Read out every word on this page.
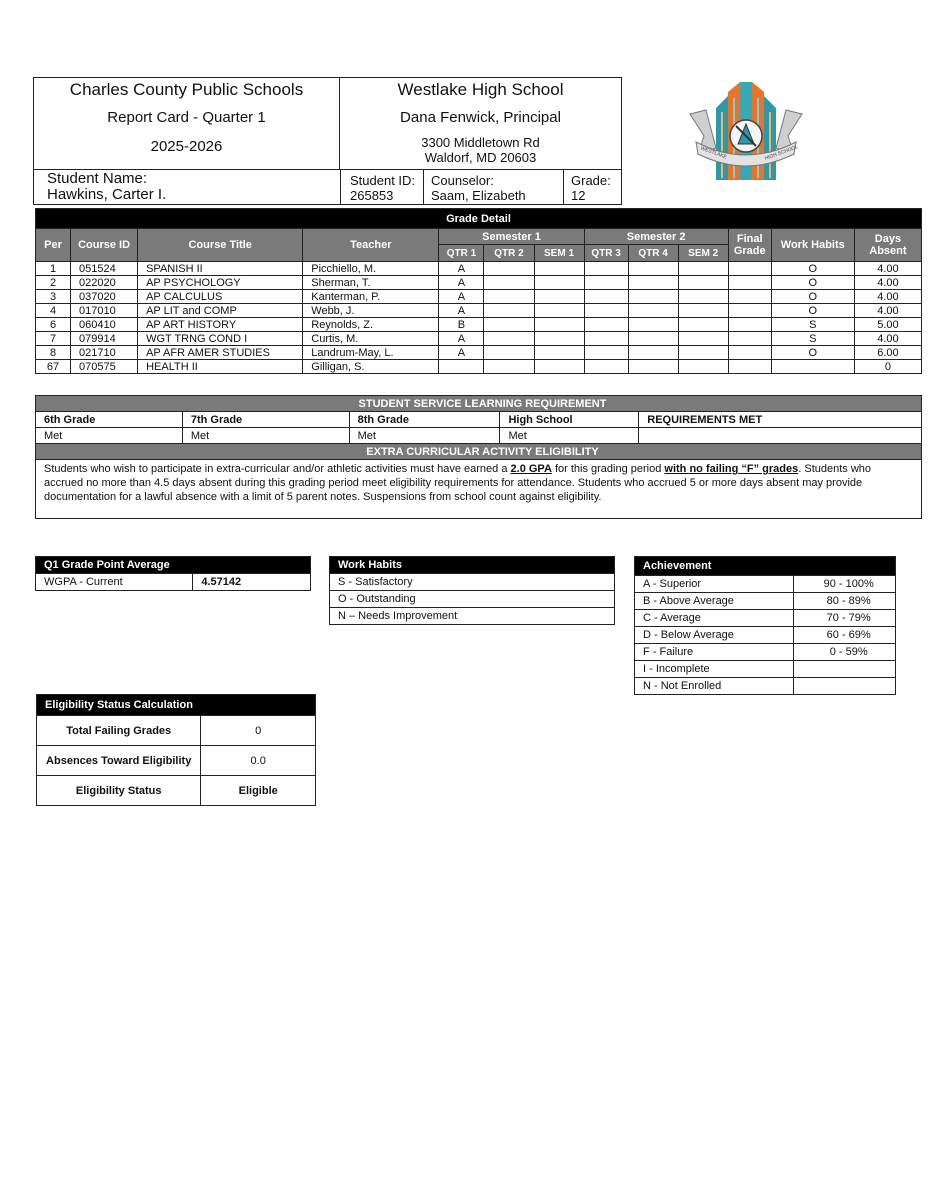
Charles County Public Schools
Report Card - Quarter 1
2025-2026
Westlake High School
Dana Fenwick, Principal
3300 Middletown Rd
Waldorf, MD 20603
Student Name:
Hawkins, Carter I.
Student ID:
265853
Counselor:
Saam, Elizabeth
Grade:
12
WESTLAKE	HIGH SCHOOL
Grade Detail												
Per	Course ID	Course Title	Teacher	Semester 1			Semester 2			Final Grade	Work Habits	Days Absent
				QTR 1	QTR 2	SEM 1	QTR 3	QTR 4	SEM 2			
1	051524	SPANISH II	Picchiello, M.	A							O	4.00
2	022020	AP PSYCHOLOGY	Sherman, T.	A							O	4.00
3	037020	AP CALCULUS	Kanterman, P.	A							O	4.00
4	017010	AP LIT and COMP	Webb, J.	A							O	4.00
6	060410	AP ART HISTORY	Reynolds, Z.	B							S	5.00
7	079914	WGT TRNG COND I	Curtis, M.	A							S	4.00
8	021710	AP AFR AMER STUDIES	Landrum-May, L.	A							O	6.00
67	070575	HEALTH II	Gilligan, S.									0
STUDENT SERVICE LEARNING REQUIREMENT				
6th Grade	7th Grade	8th Grade	High School	REQUIREMENTS MET
Met	Met	Met	Met	
EXTRA CURRICULAR ACTIVITY ELIGIBILITY				
Students who wish to participate in extra-curricular and/or athletic activities must have earned a 2.0 GPA for this grading period with no failing “F” grades. Students who accrued no more than 4.5 days absent during this grading period meet eligibility requirements for attendance. Students who accrued 5 or more days absent may provide documentation for a lawful absence with a limit of 5 parent notes. Suspensions from school count against eligibility.				
Q1 Grade Point Average
WGPA - Current	4.57142
Work Habits
S - Satisfactory
O - Outstanding
N – Needs Improvement
Achievement	
A - Superior	90 - 100%
B - Above Average	80 - 89%
C - Average	70 - 79%
D - Below Average	60 - 69%
F - Failure	0 - 59%
I - Incomplete	
N - Not Enrolled	
Eligibility Status Calculation	
Total Failing Grades	0
Absences Toward Eligibility	0.0
Eligibility Status	Eligible
